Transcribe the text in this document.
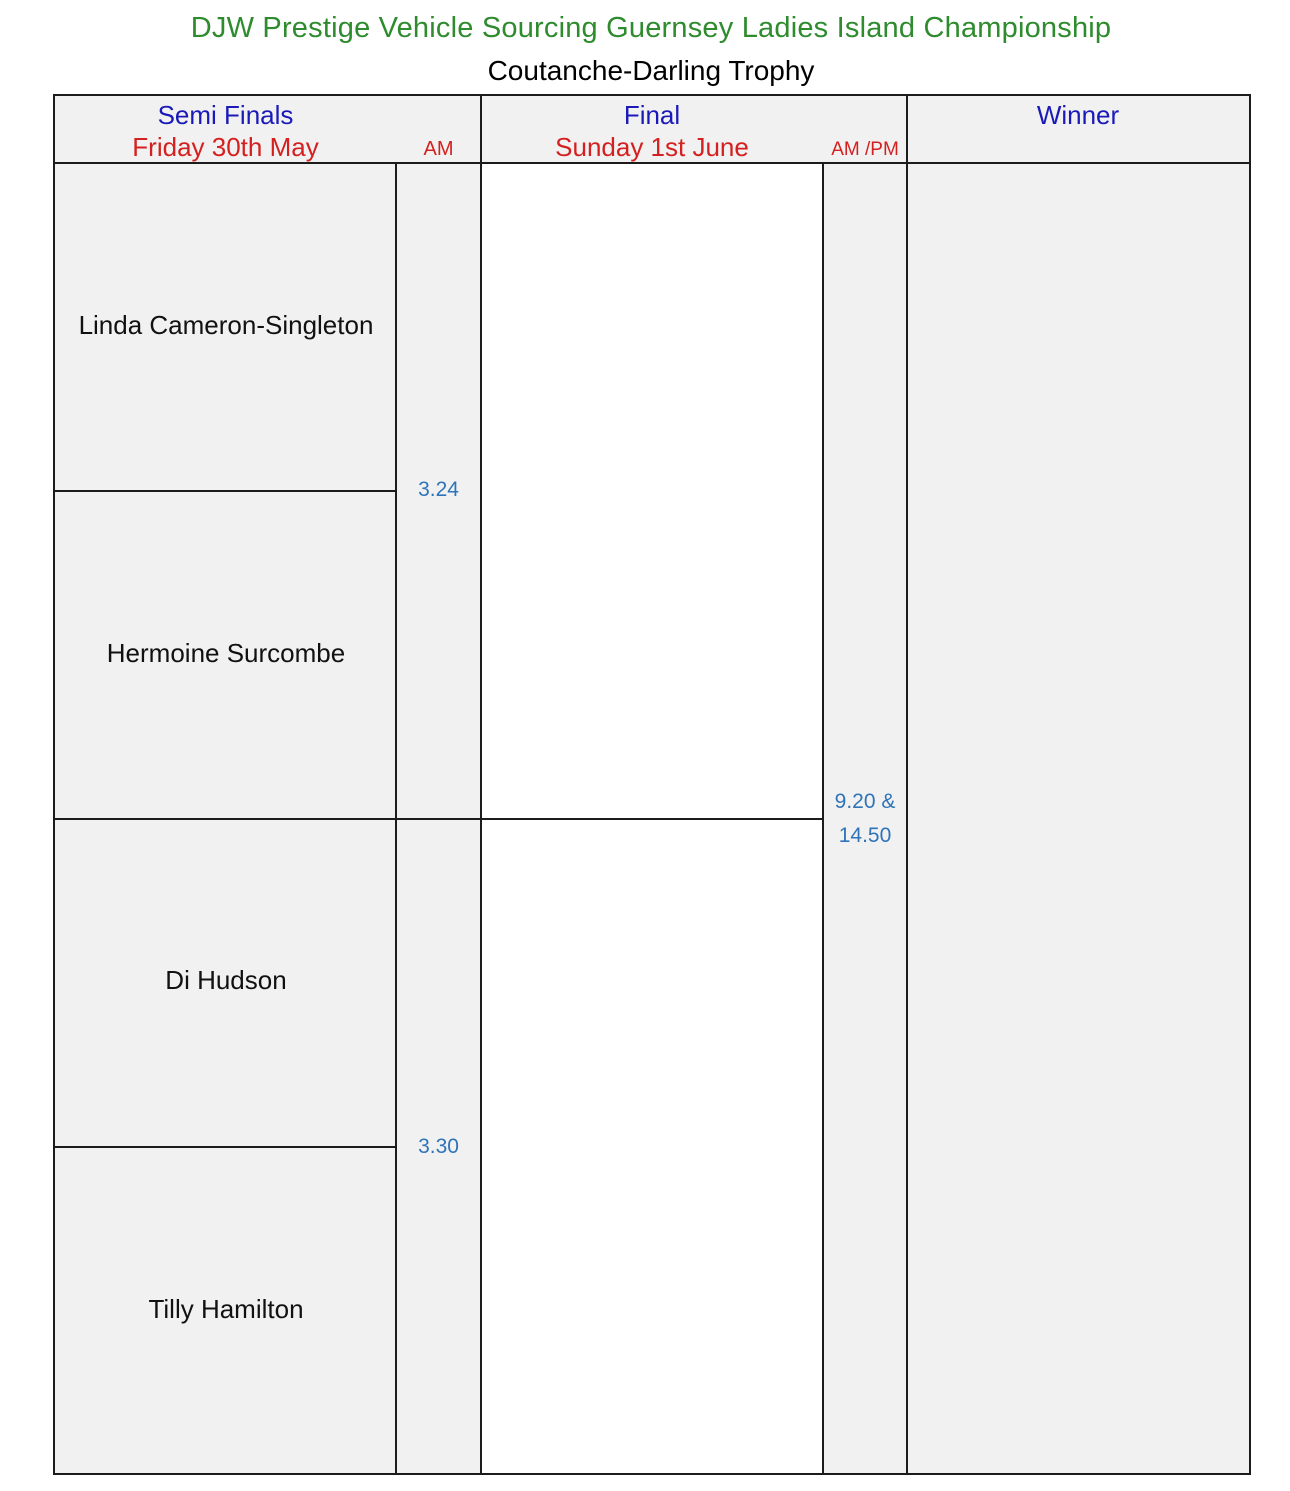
DJW Prestige Vehicle Sourcing Guernsey Ladies Island Championship
Coutanche-Darling Trophy
Semi Finals
Friday 30th May	AM
Final
Sunday 1st June	AM /PM
Winner
Linda Cameron-Singleton
Hermoine Surcombe
Di Hudson
Tilly Hamilton
3.24
3.30
9.20 &
14.50
